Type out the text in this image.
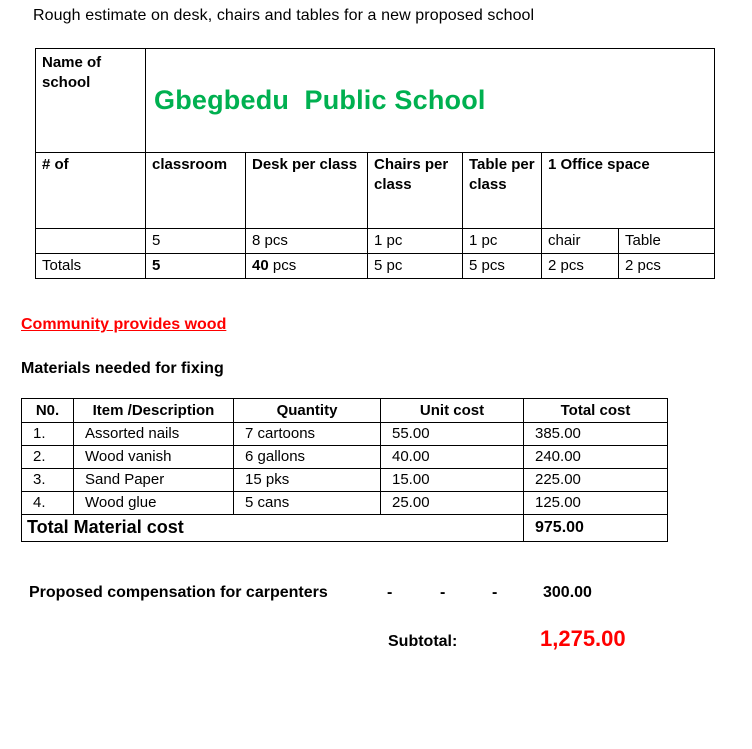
Rough estimate on desk, chairs and tables for a new proposed school
Name of school	Gbegbedu  Public School					
# of	classroom	Desk per class	Chairs per class	Table per class	1 Office space	
	5	8 pcs	1 pc	1 pc	chair	Table
Totals	5	40 pcs	5 pc	5 pcs	2 pcs	2 pcs
Community provides wood
Materials needed for fixing
N0.	Item /Description	Quantity	Unit cost	Total cost
1.	Assorted nails	7 cartoons	55.00	385.00
2.	Wood vanish	6 gallons	40.00	240.00
3.	Sand Paper	15 pks	15.00	225.00
4.	Wood glue	5 cans	25.00	125.00
Total Material cost				975.00
Proposed compensation for carpenters	-	-	-	300.00
Subtotal:	1,275.00
